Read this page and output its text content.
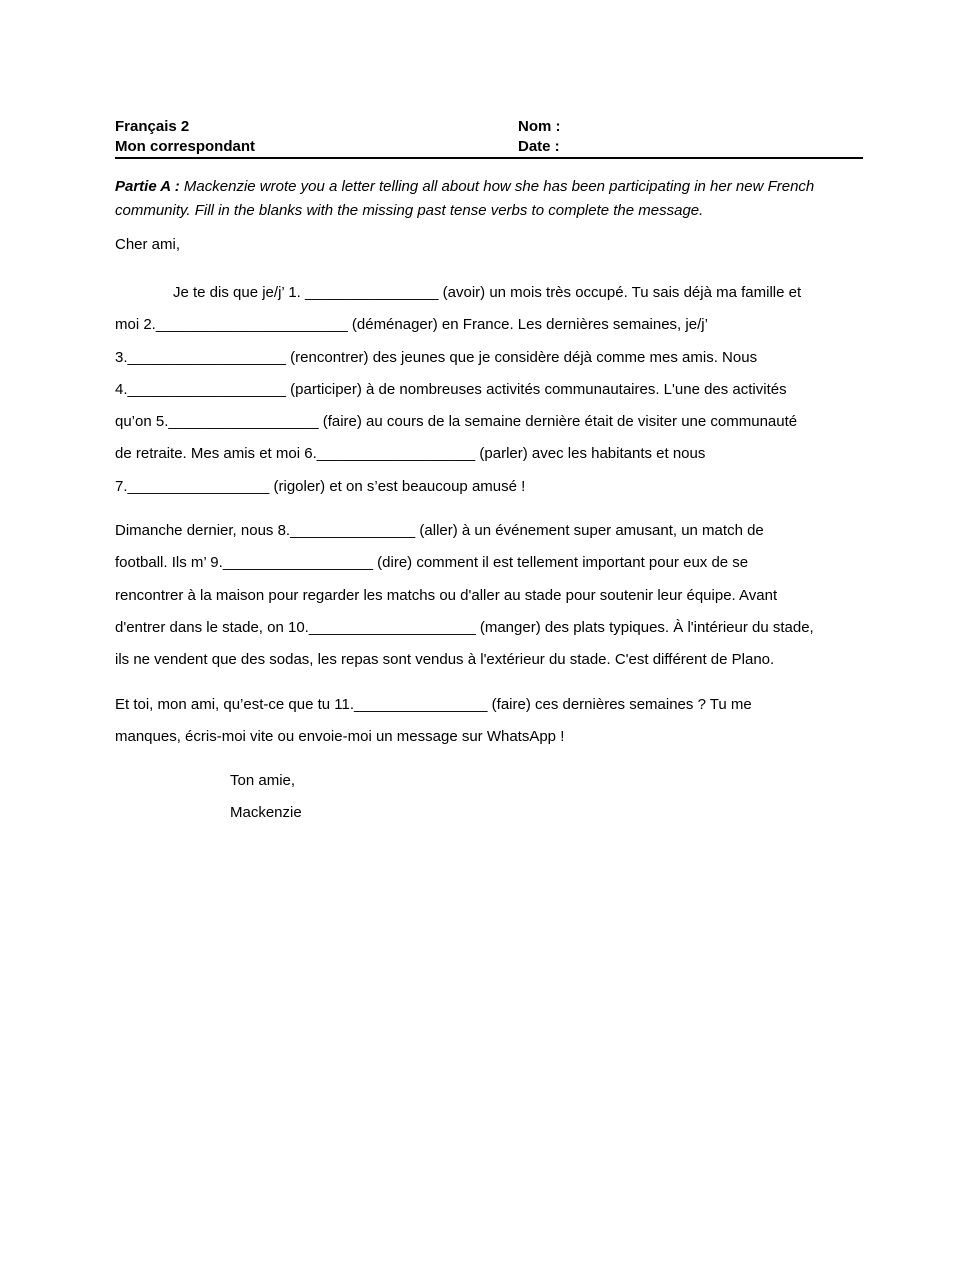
Français 2
Mon correspondant
Nom :
Date :
Partie A : Mackenzie wrote you a letter telling all about how she has been participating in her new French community. Fill in the blanks with the missing past tense verbs to complete the message.
Cher ami,
Je te dis que je/j’ 1. ________________ (avoir) un mois très occupé. Tu sais déjà ma famille et
moi 2._______________________ (déménager) en France. Les dernières semaines, je/j’
3.___________________ (rencontrer) des jeunes que je considère déjà comme mes amis. Nous
4.___________________ (participer) à de nombreuses activités communautaires. L'une des activités
qu’on 5.__________________ (faire) au cours de la semaine dernière était de visiter une communauté
de retraite. Mes amis et moi 6.___________________ (parler) avec les habitants et nous
7._________________ (rigoler) et on s’est beaucoup amusé !
Dimanche dernier, nous 8._______________ (aller) à un événement super amusant, un match de
football. Ils m’ 9.__________________ (dire) comment il est tellement important pour eux de se
rencontrer à la maison pour regarder les matchs ou d'aller au stade pour soutenir leur équipe. Avant
d'entrer dans le stade, on 10.____________________ (manger) des plats typiques. À l'intérieur du stade,
ils ne vendent que des sodas, les repas sont vendus à l'extérieur du stade. C'est différent de Plano.
Et toi, mon ami, qu’est-ce que tu 11.________________ (faire) ces dernières semaines ? Tu me
manques, écris-moi vite ou envoie-moi un message sur WhatsApp !
Ton amie,
Mackenzie
